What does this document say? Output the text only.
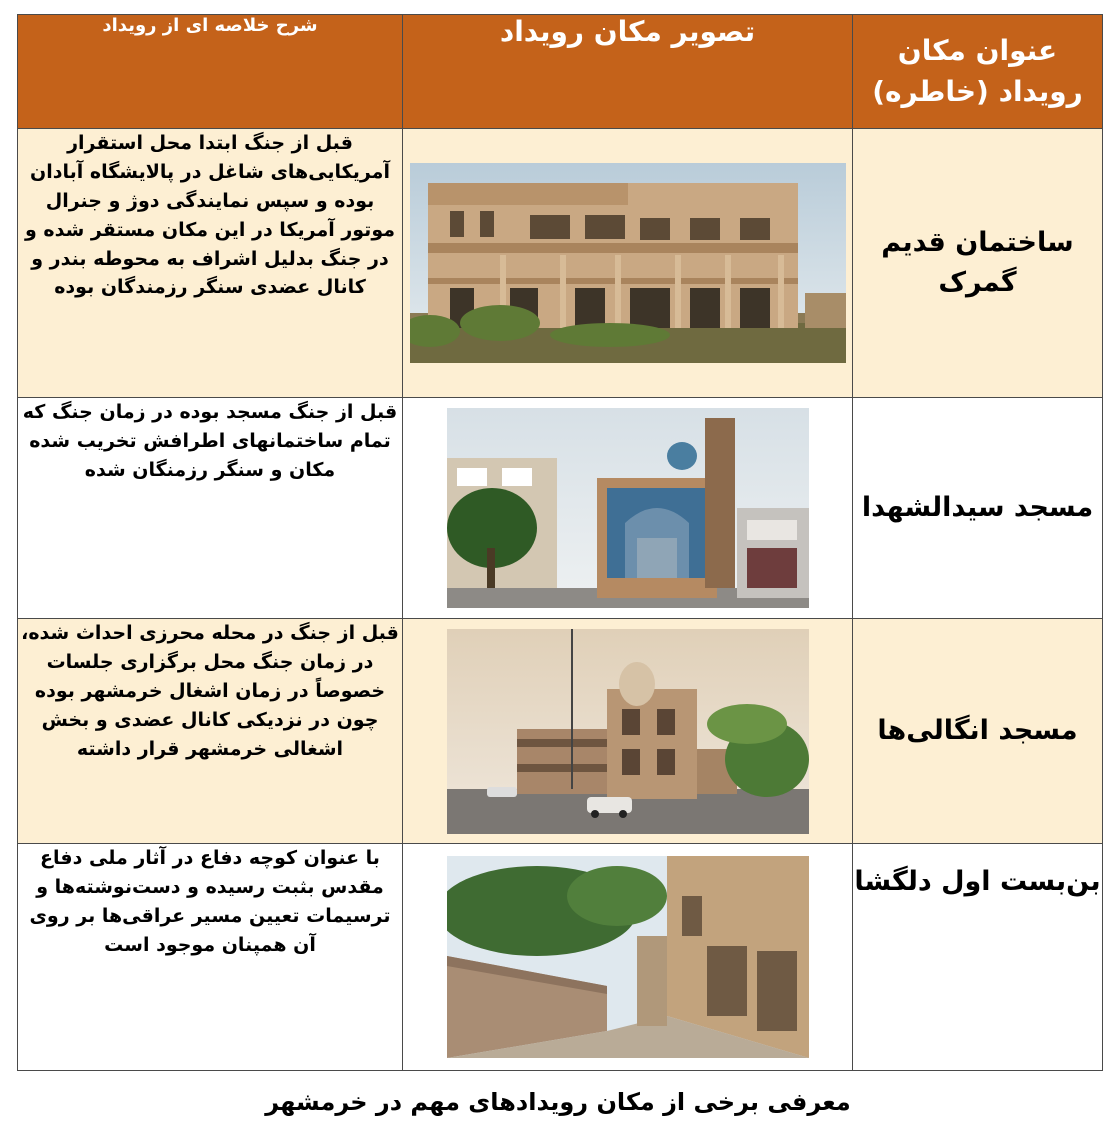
عنوان مکان رویداد (خاطره)	تصویر مکان رویداد	شرح خلاصه ای از رویداد
ساختمان قدیم گمرک		قبل از جنگ ابتدا محل استقرار آمریکایی‌های شاغل در پالایشگاه آبادان بوده و سپس نمایندگی دوژ و جنرال موتور آمریکا در این مکان مستقر شده و در جنگ بدلیل اشراف به محوطه بندر و کانال عضدی سنگر رزمندگان بوده
مسجد سیدالشهدا		قبل از جنگ مسجد بوده در زمان جنگ که تمام ساختمانهای اطرافش تخریب شده مکان و سنگر رزمنگان شده
مسجد انگالی‌ها		قبل از جنگ در محله محرزی احداث شده، در زمان جنگ محل برگزاری جلسات خصوصاً در زمان اشغال خرمشهر بوده چون در نزدیکی کانال عضدی و بخش اشغالی خرمشهر قرار داشته
بن‌بست اول دلگشا		با عنوان کوچه دفاع در آثار ملی دفاع مقدس بثبت رسیده و دست‌نوشته‌ها و ترسیمات تعیین مسیر عراقی‌ها بر روی آن همپنان موجود است
معرفی برخی از مکان رویدادهای مهم در خرمشهر
